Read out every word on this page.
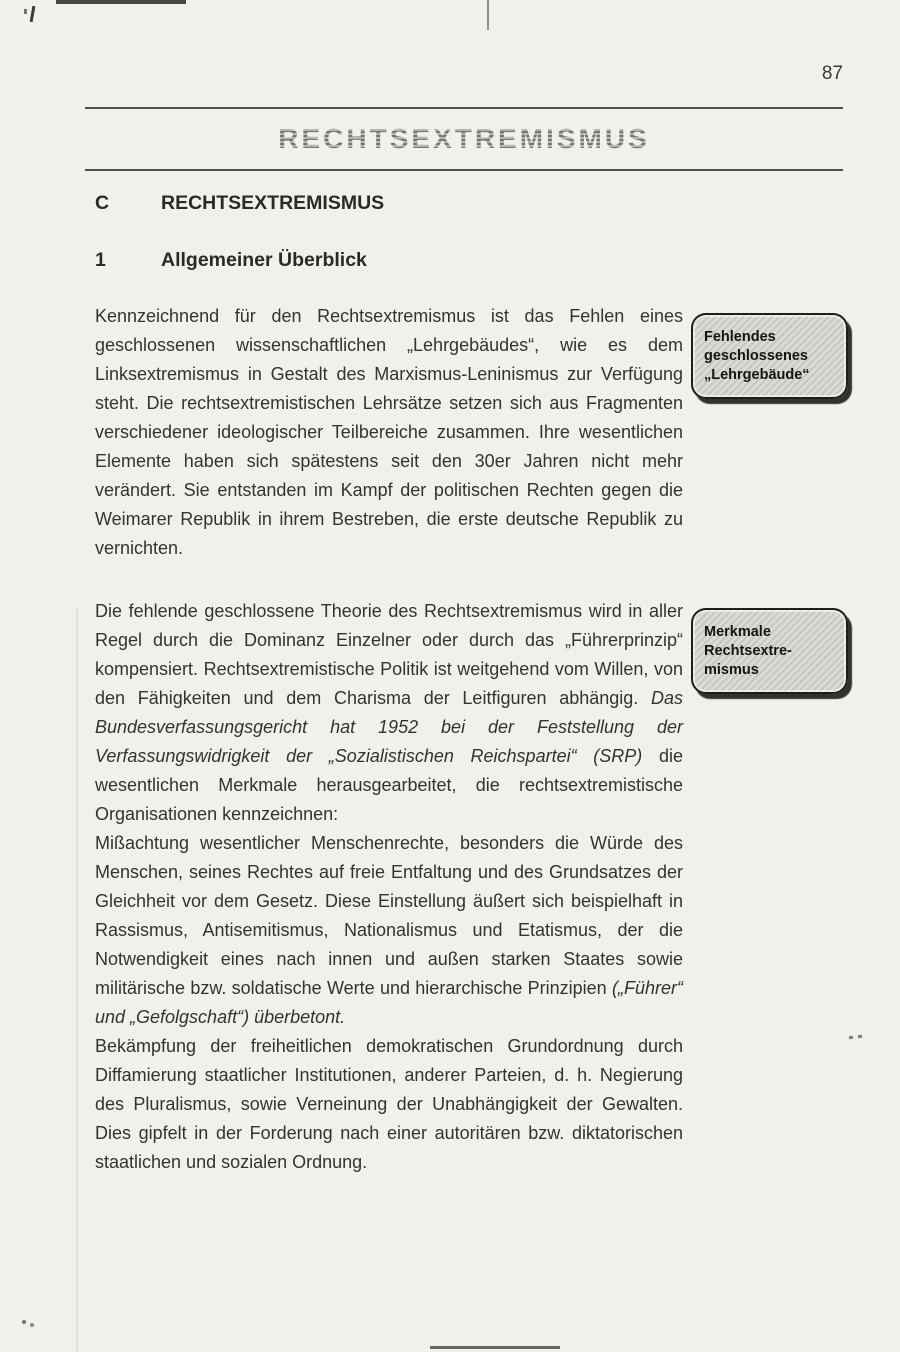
87
RECHTSEXTREMISMUS
C	RECHTSEXTREMISMUS
1	Allgemeiner Überblick

Kennzeichnend für den Rechtsextremismus ist das Fehlen eines geschlossenen wissenschaftlichen „Lehrgebäudes“, wie es dem Linksextremismus in Gestalt des Marxismus-Leninismus zur Verfügung steht. Die rechtsextremistischen Lehrsätze setzen sich aus Fragmenten verschiedener ideologischer Teilbereiche zusammen. Ihre wesentlichen Elemente haben sich spätestens seit den 30er Jahren nicht mehr verändert. Sie entstanden im Kampf der politischen Rechten gegen die Weimarer Republik in ihrem Bestreben, die erste deutsche Republik zu vernichten.

Die fehlende geschlossene Theorie des Rechtsextremismus wird in aller Regel durch die Dominanz Einzelner oder durch das „Führerprinzip“ kompensiert. Rechtsextremistische Politik ist weitgehend vom Willen, von den Fähigkeiten und dem Charisma der Leitfiguren abhängig. Das Bundesverfassungsgericht hat 1952 bei der Feststellung der Verfassungswidrigkeit der „Sozialistischen Reichspartei“ (SRP) die wesentlichen Merkmale herausgearbeitet, die rechtsextremistische Organisationen kennzeichnen:

Mißachtung wesentlicher Menschenrechte, besonders die Würde des Menschen, seines Rechtes auf freie Entfaltung und des Grundsatzes der Gleichheit vor dem Gesetz. Diese Einstellung äußert sich beispielhaft in Rassismus, Antisemitismus, Nationalismus und Etatismus, der die Notwendigkeit eines nach innen und außen starken Staates sowie militärische bzw. soldatische Werte und hierarchische Prinzipien („Führer“ und „Gefolgschaft“) überbetont.

Bekämpfung der freiheitlichen demokratischen Grundordnung durch Diffamierung staatlicher Institutionen, anderer Parteien, d. h. Negierung des Pluralismus, sowie Verneinung der Unabhängigkeit der Gewalten. Dies gipfelt in der Forderung nach einer autoritären bzw. diktatorischen staatlichen und sozialen Ordnung.

Fehlendes
geschlossenes
„Lehrgebäude“
Merkmale
Rechtsextre-
mismus
